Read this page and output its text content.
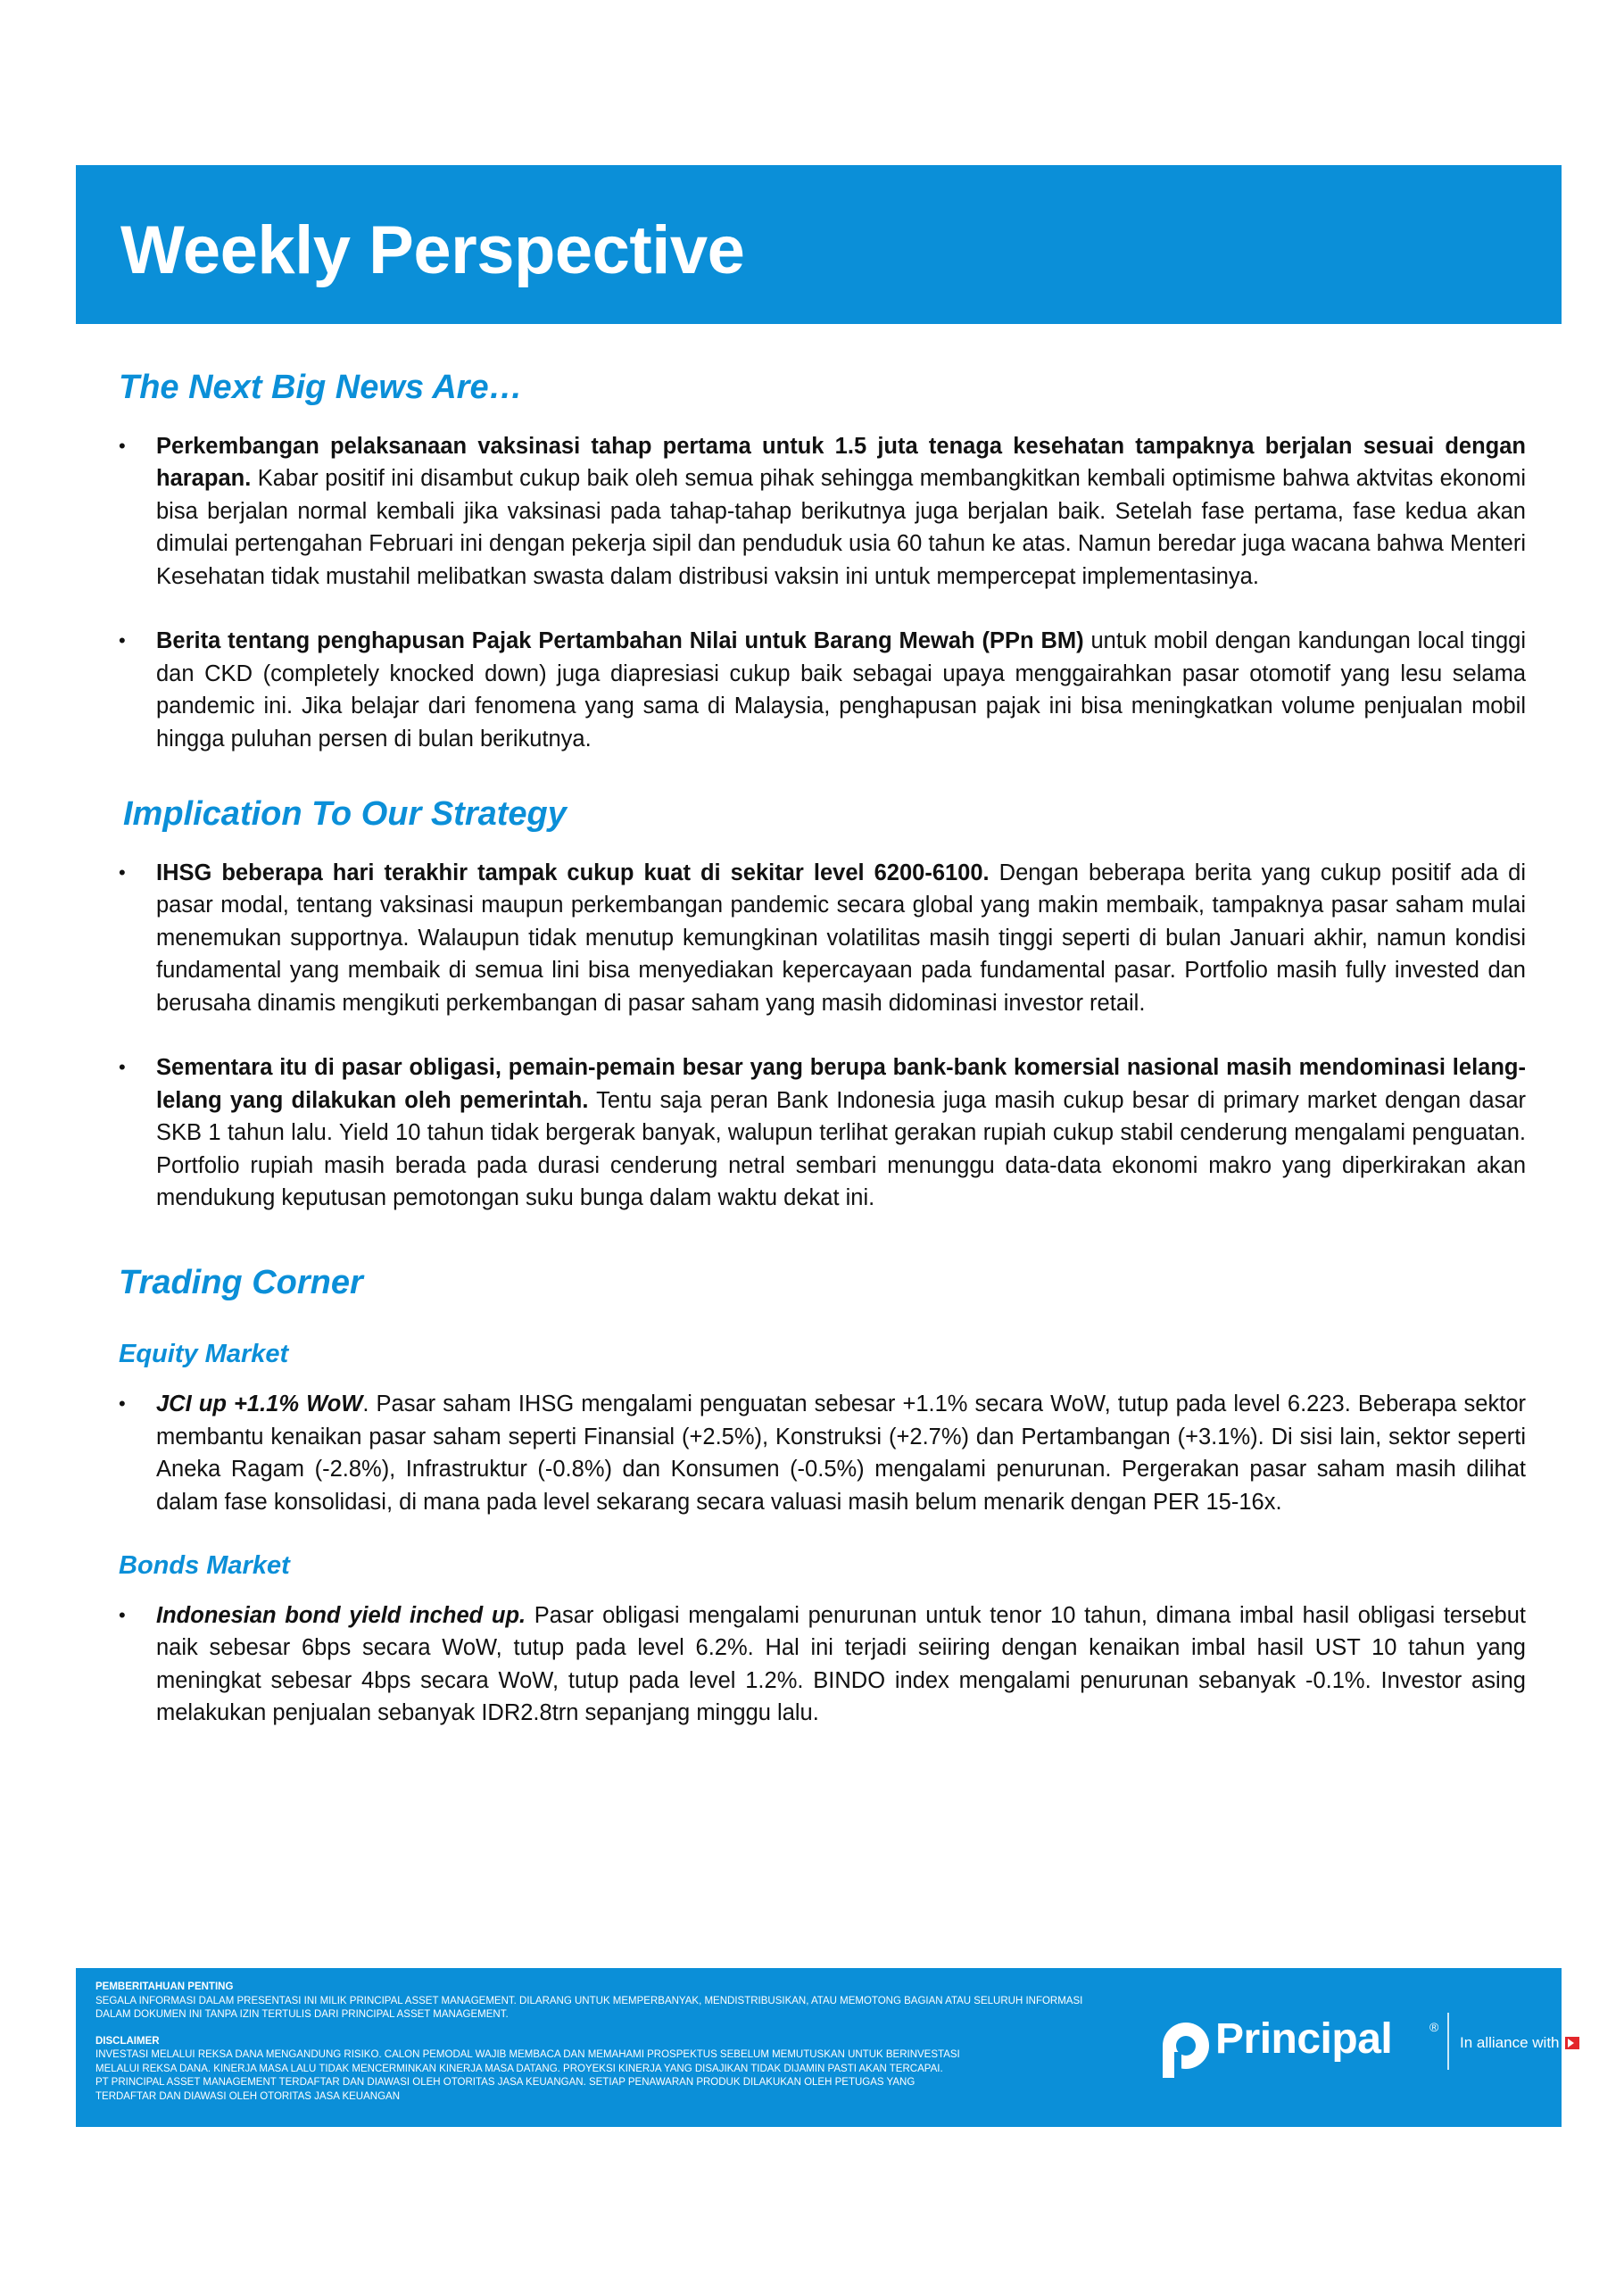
Weekly Perspective
The Next Big News Are…
•	Perkembangan pelaksanaan vaksinasi tahap pertama untuk 1.5 juta tenaga kesehatan tampaknya berjalan sesuai dengan harapan. Kabar positif ini disambut cukup baik oleh semua pihak sehingga membangkitkan kembali optimisme bahwa aktvitas ekonomi bisa berjalan normal kembali jika vaksinasi pada tahap-tahap berikutnya juga berjalan baik. Setelah fase pertama, fase kedua akan dimulai pertengahan Februari ini dengan pekerja sipil dan penduduk usia 60 tahun ke atas. Namun beredar juga wacana bahwa Menteri Kesehatan tidak mustahil melibatkan swasta dalam distribusi vaksin ini untuk mempercepat implementasinya.
•	Berita tentang penghapusan Pajak Pertambahan Nilai untuk Barang Mewah (PPn BM) untuk mobil dengan kandungan local tinggi dan CKD (completely knocked down) juga diapresiasi cukup baik sebagai upaya menggairahkan pasar otomotif yang lesu selama pandemic ini. Jika belajar dari fenomena yang sama di Malaysia, penghapusan pajak ini bisa meningkatkan volume penjualan mobil hingga puluhan persen di bulan berikutnya.
Implication To Our Strategy
•	IHSG beberapa hari terakhir tampak cukup kuat di sekitar level 6200-6100. Dengan beberapa berita yang cukup positif ada di pasar modal, tentang vaksinasi maupun perkembangan pandemic secara global yang makin membaik, tampaknya pasar saham mulai menemukan supportnya. Walaupun tidak menutup kemungkinan volatilitas masih tinggi seperti di bulan Januari akhir, namun kondisi fundamental yang membaik di semua lini bisa menyediakan kepercayaan pada fundamental pasar. Portfolio masih fully invested dan berusaha dinamis mengikuti perkembangan di pasar saham yang masih didominasi investor retail.
•	Sementara itu di pasar obligasi, pemain-pemain besar yang berupa bank-bank komersial nasional masih mendominasi lelang-lelang yang dilakukan oleh pemerintah. Tentu saja peran Bank Indonesia juga masih cukup besar di primary market dengan dasar SKB 1 tahun lalu. Yield 10 tahun tidak bergerak banyak, walupun terlihat gerakan rupiah cukup stabil cenderung mengalami penguatan. Portfolio rupiah masih berada pada durasi cenderung netral sembari menunggu data-data ekonomi makro yang diperkirakan akan mendukung keputusan pemotongan suku bunga dalam waktu dekat ini.
Trading Corner
Equity Market
•	JCI up +1.1% WoW. Pasar saham IHSG mengalami penguatan sebesar +1.1% secara WoW, tutup pada level 6.223. Beberapa sektor membantu kenaikan pasar saham seperti Finansial (+2.5%), Konstruksi (+2.7%) dan Pertambangan (+3.1%). Di sisi lain, sektor seperti Aneka Ragam (-2.8%), Infrastruktur (-0.8%) dan Konsumen (-0.5%) mengalami penurunan. Pergerakan pasar saham masih dilihat dalam fase konsolidasi, di mana pada level sekarang secara valuasi masih belum menarik dengan PER 15-16x.
Bonds Market
•	Indonesian bond yield inched up. Pasar obligasi mengalami penurunan untuk tenor 10 tahun, dimana imbal hasil obligasi tersebut naik sebesar 6bps secara WoW, tutup pada level 6.2%. Hal ini terjadi seiiring dengan kenaikan imbal hasil UST 10 tahun yang meningkat sebesar 4bps secara WoW, tutup pada level 1.2%. BINDO index mengalami penurunan sebanyak -0.1%. Investor asing melakukan penjualan sebanyak IDR2.8trn sepanjang minggu lalu.
PEMBERITAHUAN PENTING
SEGALA INFORMASI DALAM PRESENTASI INI MILIK PRINCIPAL ASSET MANAGEMENT. DILARANG UNTUK MEMPERBANYAK, MENDISTRIBUSIKAN, ATAU MEMOTONG BAGIAN ATAU SELURUH INFORMASI
DALAM DOKUMEN INI TANPA IZIN TERTULIS DARI PRINCIPAL ASSET MANAGEMENT.
DISCLAIMER
INVESTASI MELALUI REKSA DANA MENGANDUNG RISIKO. CALON PEMODAL WAJIB MEMBACA DAN MEMAHAMI PROSPEKTUS SEBELUM MEMUTUSKAN UNTUK BERINVESTASI
MELALUI REKSA DANA. KINERJA MASA LALU TIDAK MENCERMINKAN KINERJA MASA DATANG. PROYEKSI KINERJA YANG DISAJIKAN TIDAK DIJAMIN PASTI AKAN TERCAPAI.
PT PRINCIPAL ASSET MANAGEMENT TERDAFTAR DAN DIAWASI OLEH OTORITAS JASA KEUANGAN. SETIAP PENAWARAN PRODUK DILAKUKAN OLEH PETUGAS YANG
TERDAFTAR DAN DIAWASI OLEH OTORITAS JASA KEUANGAN
Principal	®
In alliance with CIMB
